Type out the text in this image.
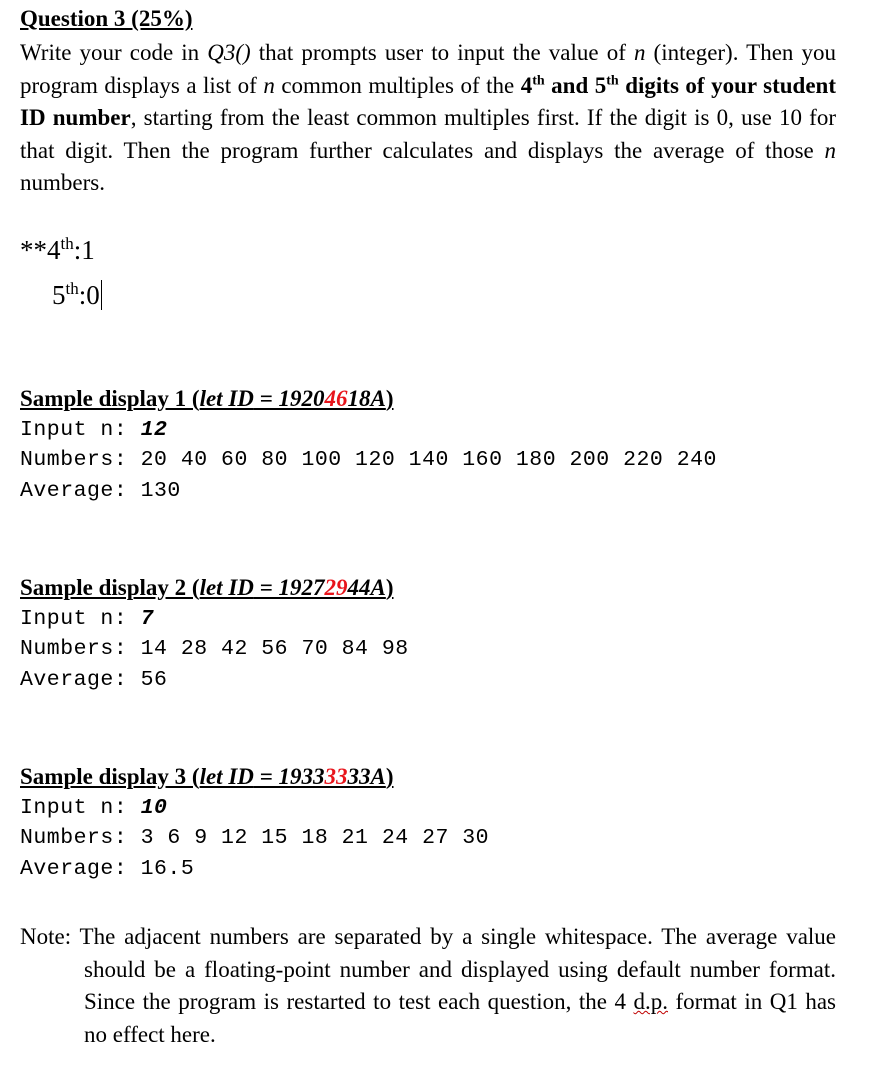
Question 3 (25%)

Write your code in Q3() that prompts user to input the value of n (integer). Then you program displays a list of n common multiples of the 4th and 5th digits of your student ID number, starting from the least common multiples first. If the digit is 0, use 10 for that digit. Then the program further calculates and displays the average of those n numbers.

**4th:1
5th:0
Sample display 1 (let ID = 19204618A)
Input n: 12
Numbers: 20 40 60 80 100 120 140 160 180 200 220 240
Average: 130
Sample display 2 (let ID = 19272944A)
Input n: 7
Numbers: 14 28 42 56 70 84 98
Average: 56
Sample display 3 (let ID = 19333333A)
Input n: 10
Numbers: 3 6 9 12 15 18 21 24 27 30
Average: 16.5

Note: The adjacent numbers are separated by a single whitespace. The average value should be a floating-point number and displayed using default number format. Since the program is restarted to test each question, the 4 d.p. format in Q1 has no effect here.
